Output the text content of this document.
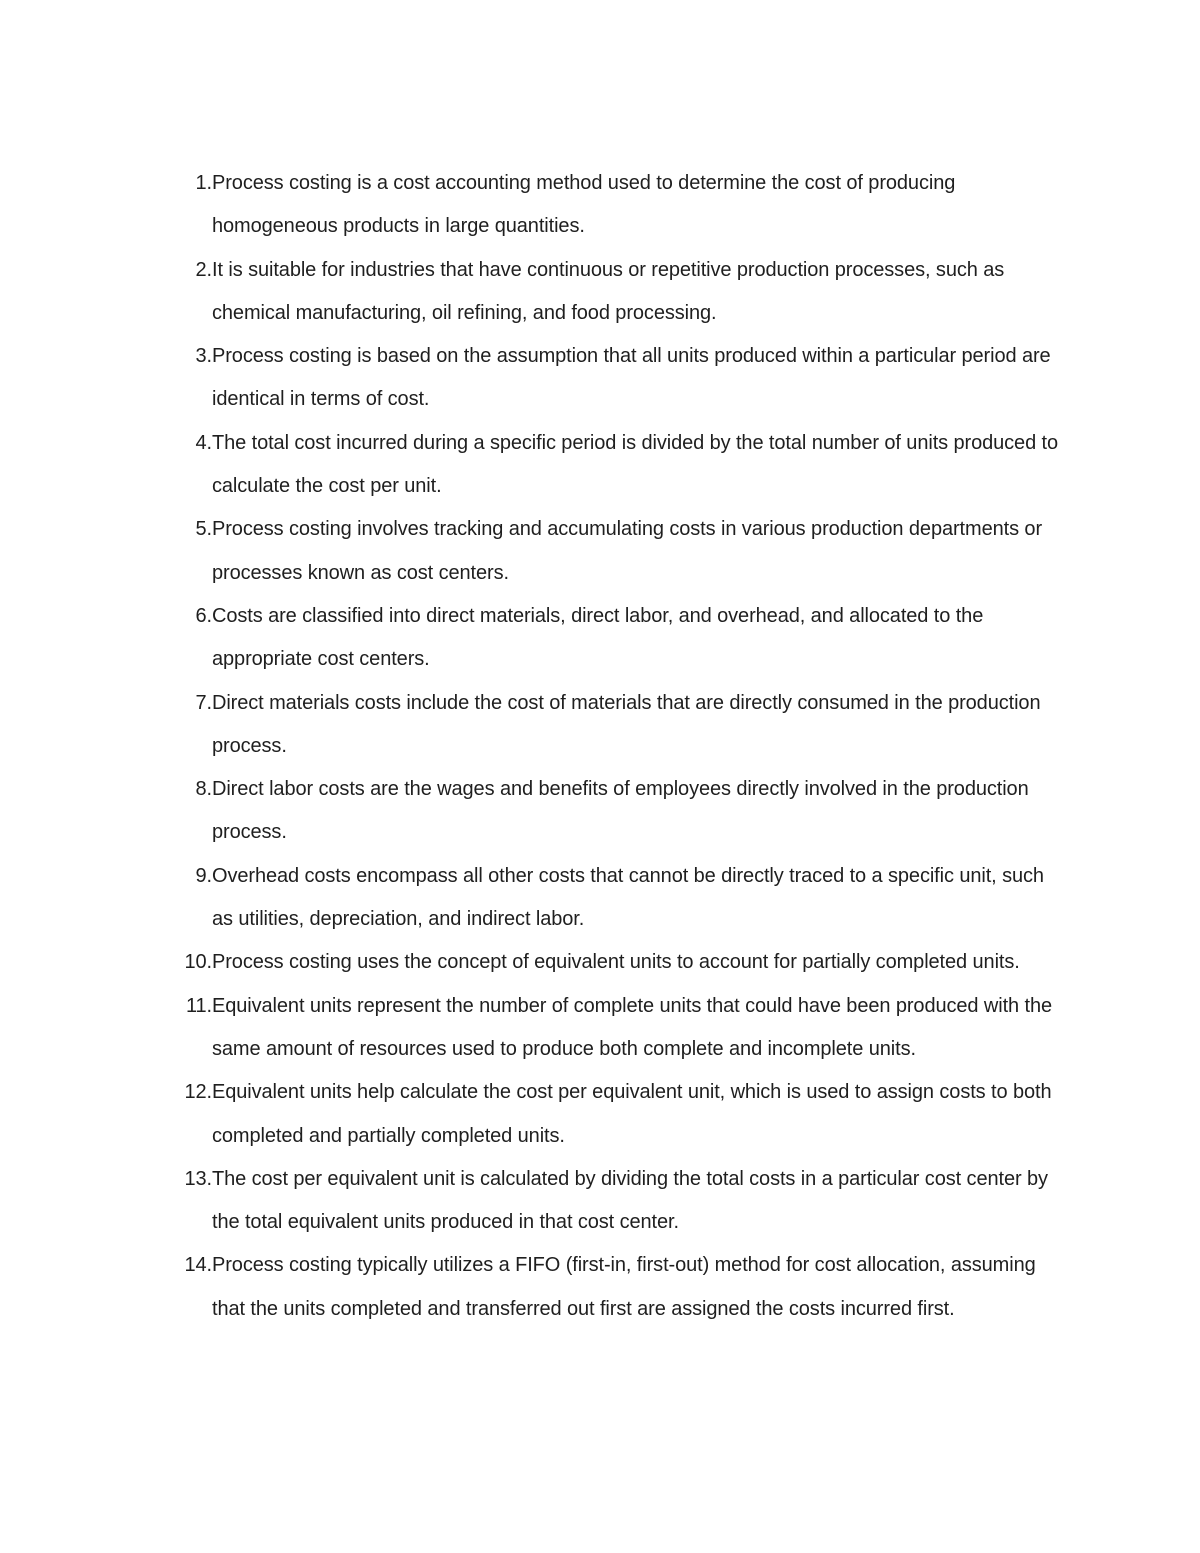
1. Process costing is a cost accounting method used to determine the cost of producing homogeneous products in large quantities.
2. It is suitable for industries that have continuous or repetitive production processes, such as chemical manufacturing, oil refining, and food processing.
3. Process costing is based on the assumption that all units produced within a particular period are identical in terms of cost.
4. The total cost incurred during a specific period is divided by the total number of units produced to calculate the cost per unit.
5. Process costing involves tracking and accumulating costs in various production departments or processes known as cost centers.
6. Costs are classified into direct materials, direct labor, and overhead, and allocated to the appropriate cost centers.
7. Direct materials costs include the cost of materials that are directly consumed in the production process.
8. Direct labor costs are the wages and benefits of employees directly involved in the production process.
9. Overhead costs encompass all other costs that cannot be directly traced to a specific unit, such as utilities, depreciation, and indirect labor.
10. Process costing uses the concept of equivalent units to account for partially completed units.
11. Equivalent units represent the number of complete units that could have been produced with the same amount of resources used to produce both complete and incomplete units.
12. Equivalent units help calculate the cost per equivalent unit, which is used to assign costs to both completed and partially completed units.
13. The cost per equivalent unit is calculated by dividing the total costs in a particular cost center by the total equivalent units produced in that cost center.
14. Process costing typically utilizes a FIFO (first-in, first-out) method for cost allocation, assuming that the units completed and transferred out first are assigned the costs incurred first.
